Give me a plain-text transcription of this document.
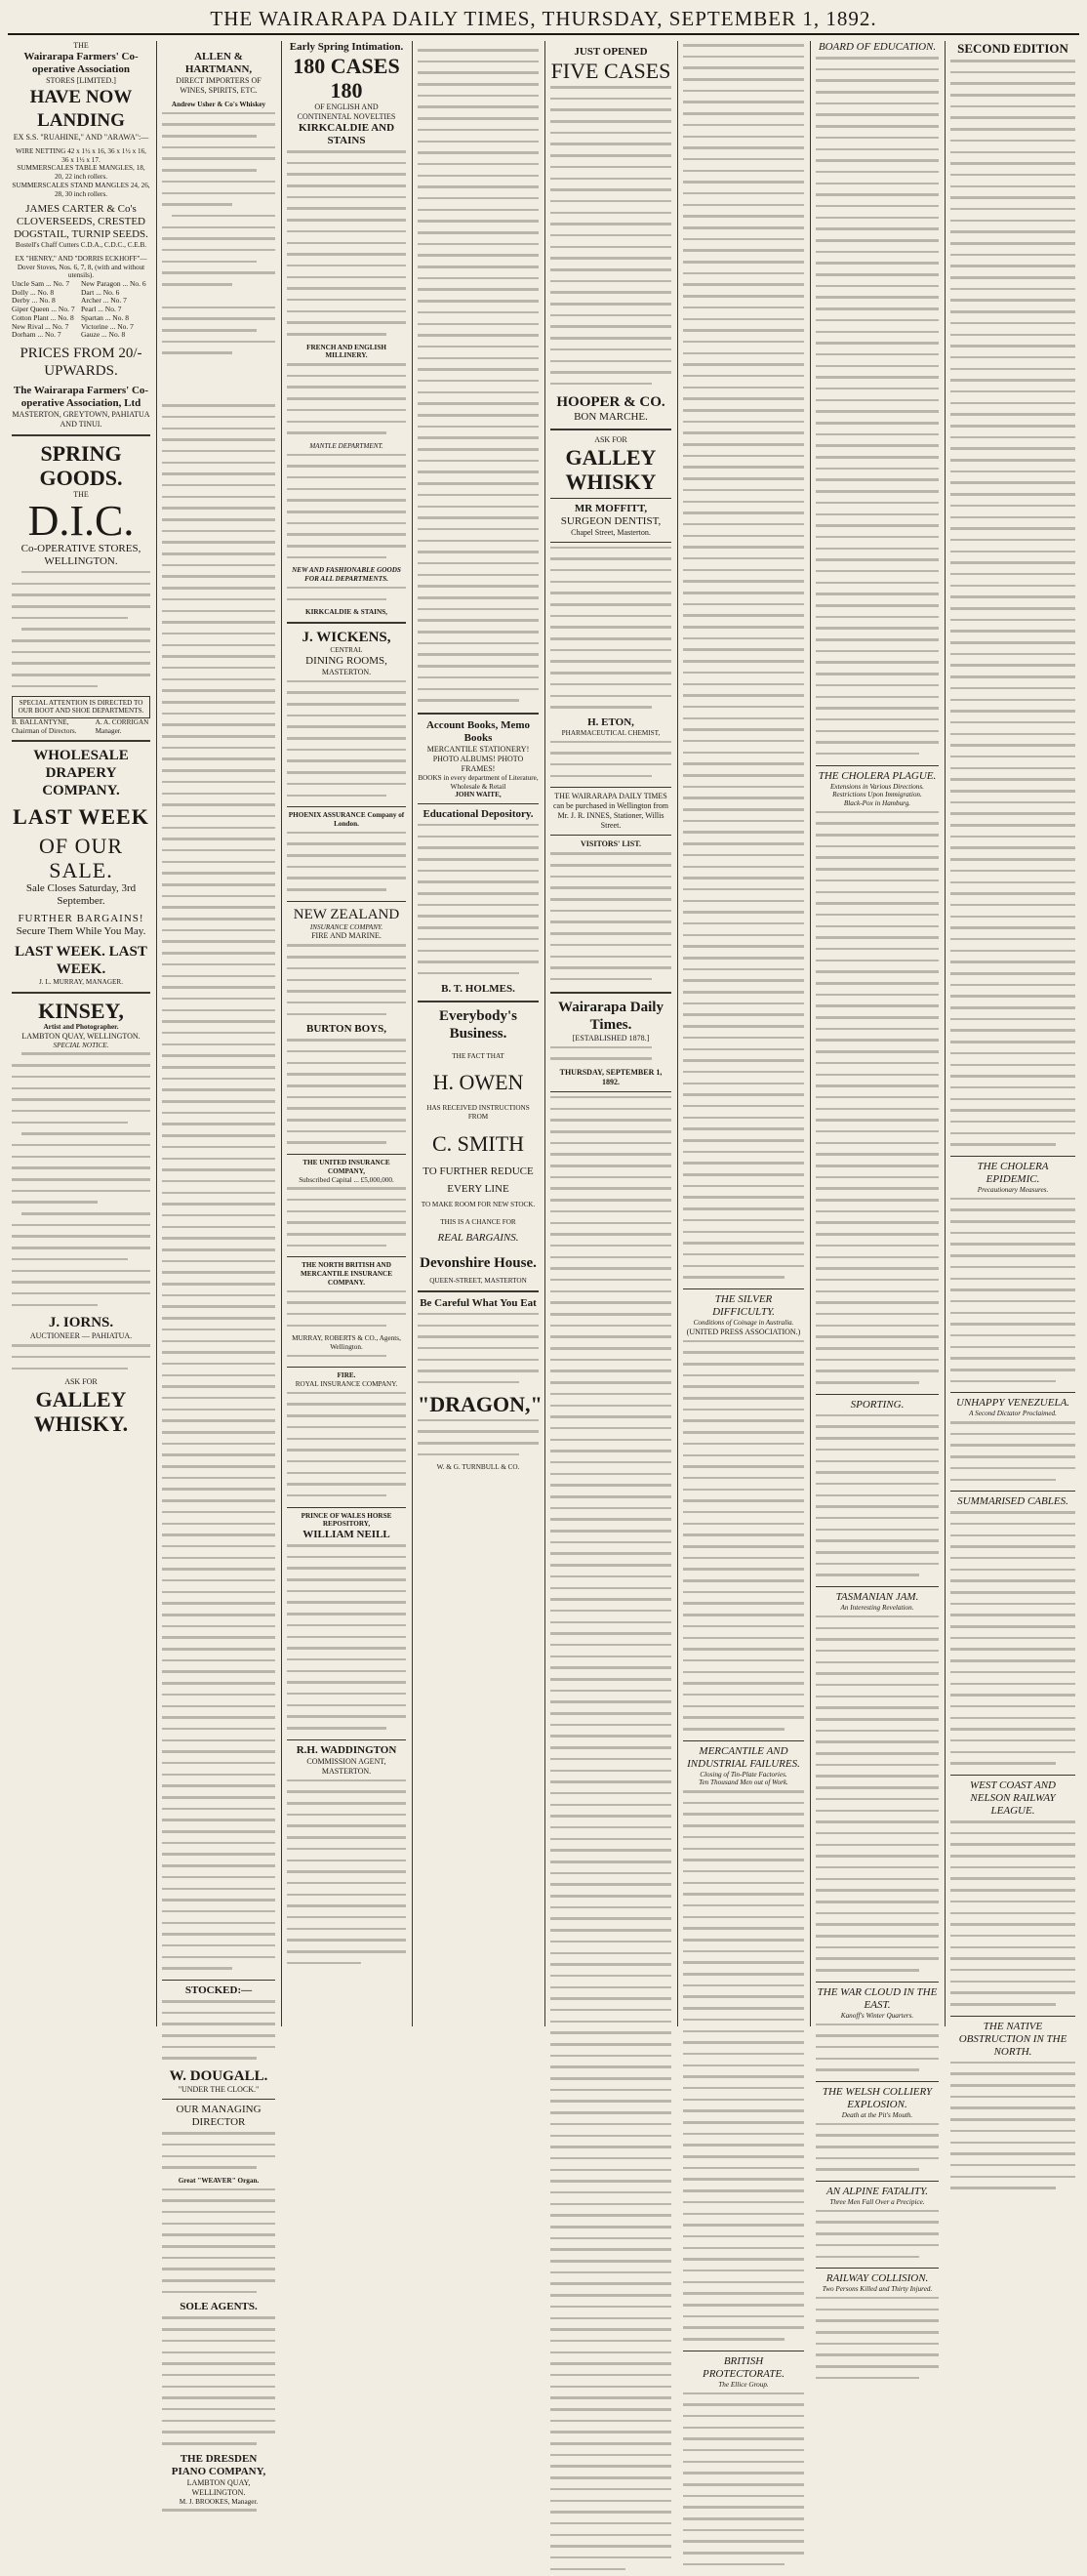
THE WAIRARAPA DAILY TIMES, THURSDAY, SEPTEMBER 1, 1892.
THE
Wairarapa Farmers' Co-operative Association
STORES [LIMITED.]
HAVE NOW LANDING
EX S.S. "RUAHINE," AND "ARAWA":—
WIRE NETTING 42 x 1½ x 16, 36 x 1½ x 16, 36 x 1½ x 17.
SUMMERSCALES TABLE MANGLES, 18, 20, 22 inch rollers.
SUMMERSCALES STAND MANGLES 24, 26, 28, 30 inch rollers.
JAMES CARTER & Co's
CLOVERSEEDS, CRESTED DOGSTAIL, TURNIP SEEDS.
Bostell's Chaff Cutters C.D.A., C.D.C., C.E.B.
EX "HENRY," AND "DORRIS ECKHOFF"—
Dover Stoves, Nos. 6, 7, 8, (with and without utensils).
Uncle Sam ... No. 7
Dolly ... No. 8
Derby ... No. 8
Giper Queen ... No. 7
Cotton Plant ... No. 8
New Rival ... No. 7
Dorham ... No. 7
New Paragon ... No. 6
Dart ... No. 6
Archer ... No. 7
Pearl ... No. 7
Spartan ... No. 8
Victorine ... No. 7
Gauze ... No. 8
PRICES FROM 20/- UPWARDS.
The Wairarapa Farmers' Co-operative Association, Ltd
MASTERTON, GREYTOWN, PAHIATUA AND TINUI.
SPRING GOODS.
THE
D.I.C.
Co-OPERATIVE STORES, WELLINGTON.
SPECIAL ATTENTION IS DIRECTED TO OUR BOOT AND SHOE DEPARTMENTS.
B. BALLANTYNE, Chairman of Directors.
A. A. CORRIGAN Manager.
WHOLESALE DRAPERY COMPANY.
LAST WEEK
OF OUR SALE.
Sale Closes Saturday, 3rd September.
FURTHER BARGAINS!
Secure Them While You May.
LAST WEEK. LAST WEEK.
J. L. MURRAY, MANAGER.
KINSEY,
Artist and Photographer.
LAMBTON QUAY, WELLINGTON.
SPECIAL NOTICE.
J. IORNS.
AUCTIONEER — PAHIATUA.
ASK FOR
GALLEY WHISKY.
ALLEN & HARTMANN,
DIRECT IMPORTERS OF WINES, SPIRITS, ETC.
Andrew Usher & Co's Whiskey
STOCKED:—
W. DOUGALL.
"UNDER THE CLOCK."
OUR MANAGING DIRECTOR
Great "WEAVER" Organ.
SOLE AGENTS.
THE DRESDEN PIANO COMPANY,
LAMBTON QUAY, WELLINGTON.
M. J. BROOKES, Manager.
Early Spring Intimation.
180 CASES 180
OF ENGLISH AND CONTINENTAL NOVELTIES
KIRKCALDIE AND STAINS
FRENCH AND ENGLISH MILLINERY.
MANTLE DEPARTMENT.
NEW AND FASHIONABLE GOODS FOR ALL DEPARTMENTS.
KIRKCALDIE & STAINS,
J. WICKENS,
CENTRAL
DINING ROOMS,
MASTERTON.
PHOENIX ASSURANCE Company of London.
NEW ZEALAND
INSURANCE COMPANY.
FIRE AND MARINE.
BURTON BOYS,
THE UNITED INSURANCE COMPANY,
Subscribed Capital ... £5,000,000.
THE NORTH BRITISH AND MERCANTILE INSURANCE COMPANY.
MURRAY, ROBERTS & CO., Agents, Wellington.
FIRE.
ROYAL INSURANCE COMPANY.
PRINCE OF WALES HORSE REPOSITORY,
WILLIAM NEILL
R.H. WADDINGTON
COMMISSION AGENT, MASTERTON.
Account Books, Memo Books
MERCANTILE STATIONERY! PHOTO ALBUMS! PHOTO FRAMES!
BOOKS in every department of Literature, Wholesale & Retail
JOHN WAITE,
Educational Depository.
B. T. HOLMES.
Everybody's Business.
THE FACT THAT
H. OWEN
HAS RECEIVED INSTRUCTIONS FROM
C. SMITH
TO FURTHER REDUCE
EVERY LINE
TO MAKE ROOM FOR NEW STOCK.
THIS IS A CHANCE FOR
REAL BARGAINS.
Devonshire House.
QUEEN-STREET, MASTERTON
Be Careful What You Eat
"DRAGON,"
W. & G. TURNBULL & CO.
JUST OPENED
FIVE CASES
HOOPER & CO.
BON MARCHE.
ASK FOR
GALLEY
WHISKY
MR MOFFITT,
SURGEON DENTIST,
Chapel Street, Masterton.
H. ETON,
PHARMACEUTICAL CHEMIST,
THE WAIRARAPA DAILY TIMES can be purchased in Wellington from Mr. J. R. INNES, Stationer, Willis Street.
VISITORS' LIST.
Wairarapa Daily Times.
[ESTABLISHED 1878.]
THURSDAY, SEPTEMBER 1, 1892.
THE SILVER DIFFICULTY.
Conditions of Coinage in Australia.
(UNITED PRESS ASSOCIATION.)
MERCANTILE AND INDUSTRIAL FAILURES.
Closing of Tin-Plate Factories.
Ten Thousand Men out of Work.
BRITISH PROTECTORATE.
The Ellice Group.
BOARD OF EDUCATION.
THE CHOLERA PLAGUE.
Extensions in Various Directions.
Restrictions Upon Immigration.
Black-Pox in Hamburg.
SPORTING.
TASMANIAN JAM.
An Interesting Revelation.
THE WAR CLOUD IN THE EAST.
Kanoff's Winter Quarters.
THE WELSH COLLIERY EXPLOSION.
Death at the Pit's Mouth.
AN ALPINE FATALITY.
Three Men Fall Over a Precipice.
RAILWAY COLLISION.
Two Persons Killed and Thirty Injured.
SECOND EDITION
THE CHOLERA EPIDEMIC.
Precautionary Measures.
UNHAPPY VENEZUELA.
A Second Dictator Proclaimed.
SUMMARISED CABLES.
WEST COAST AND NELSON RAILWAY LEAGUE.
THE NATIVE OBSTRUCTION IN THE NORTH.
